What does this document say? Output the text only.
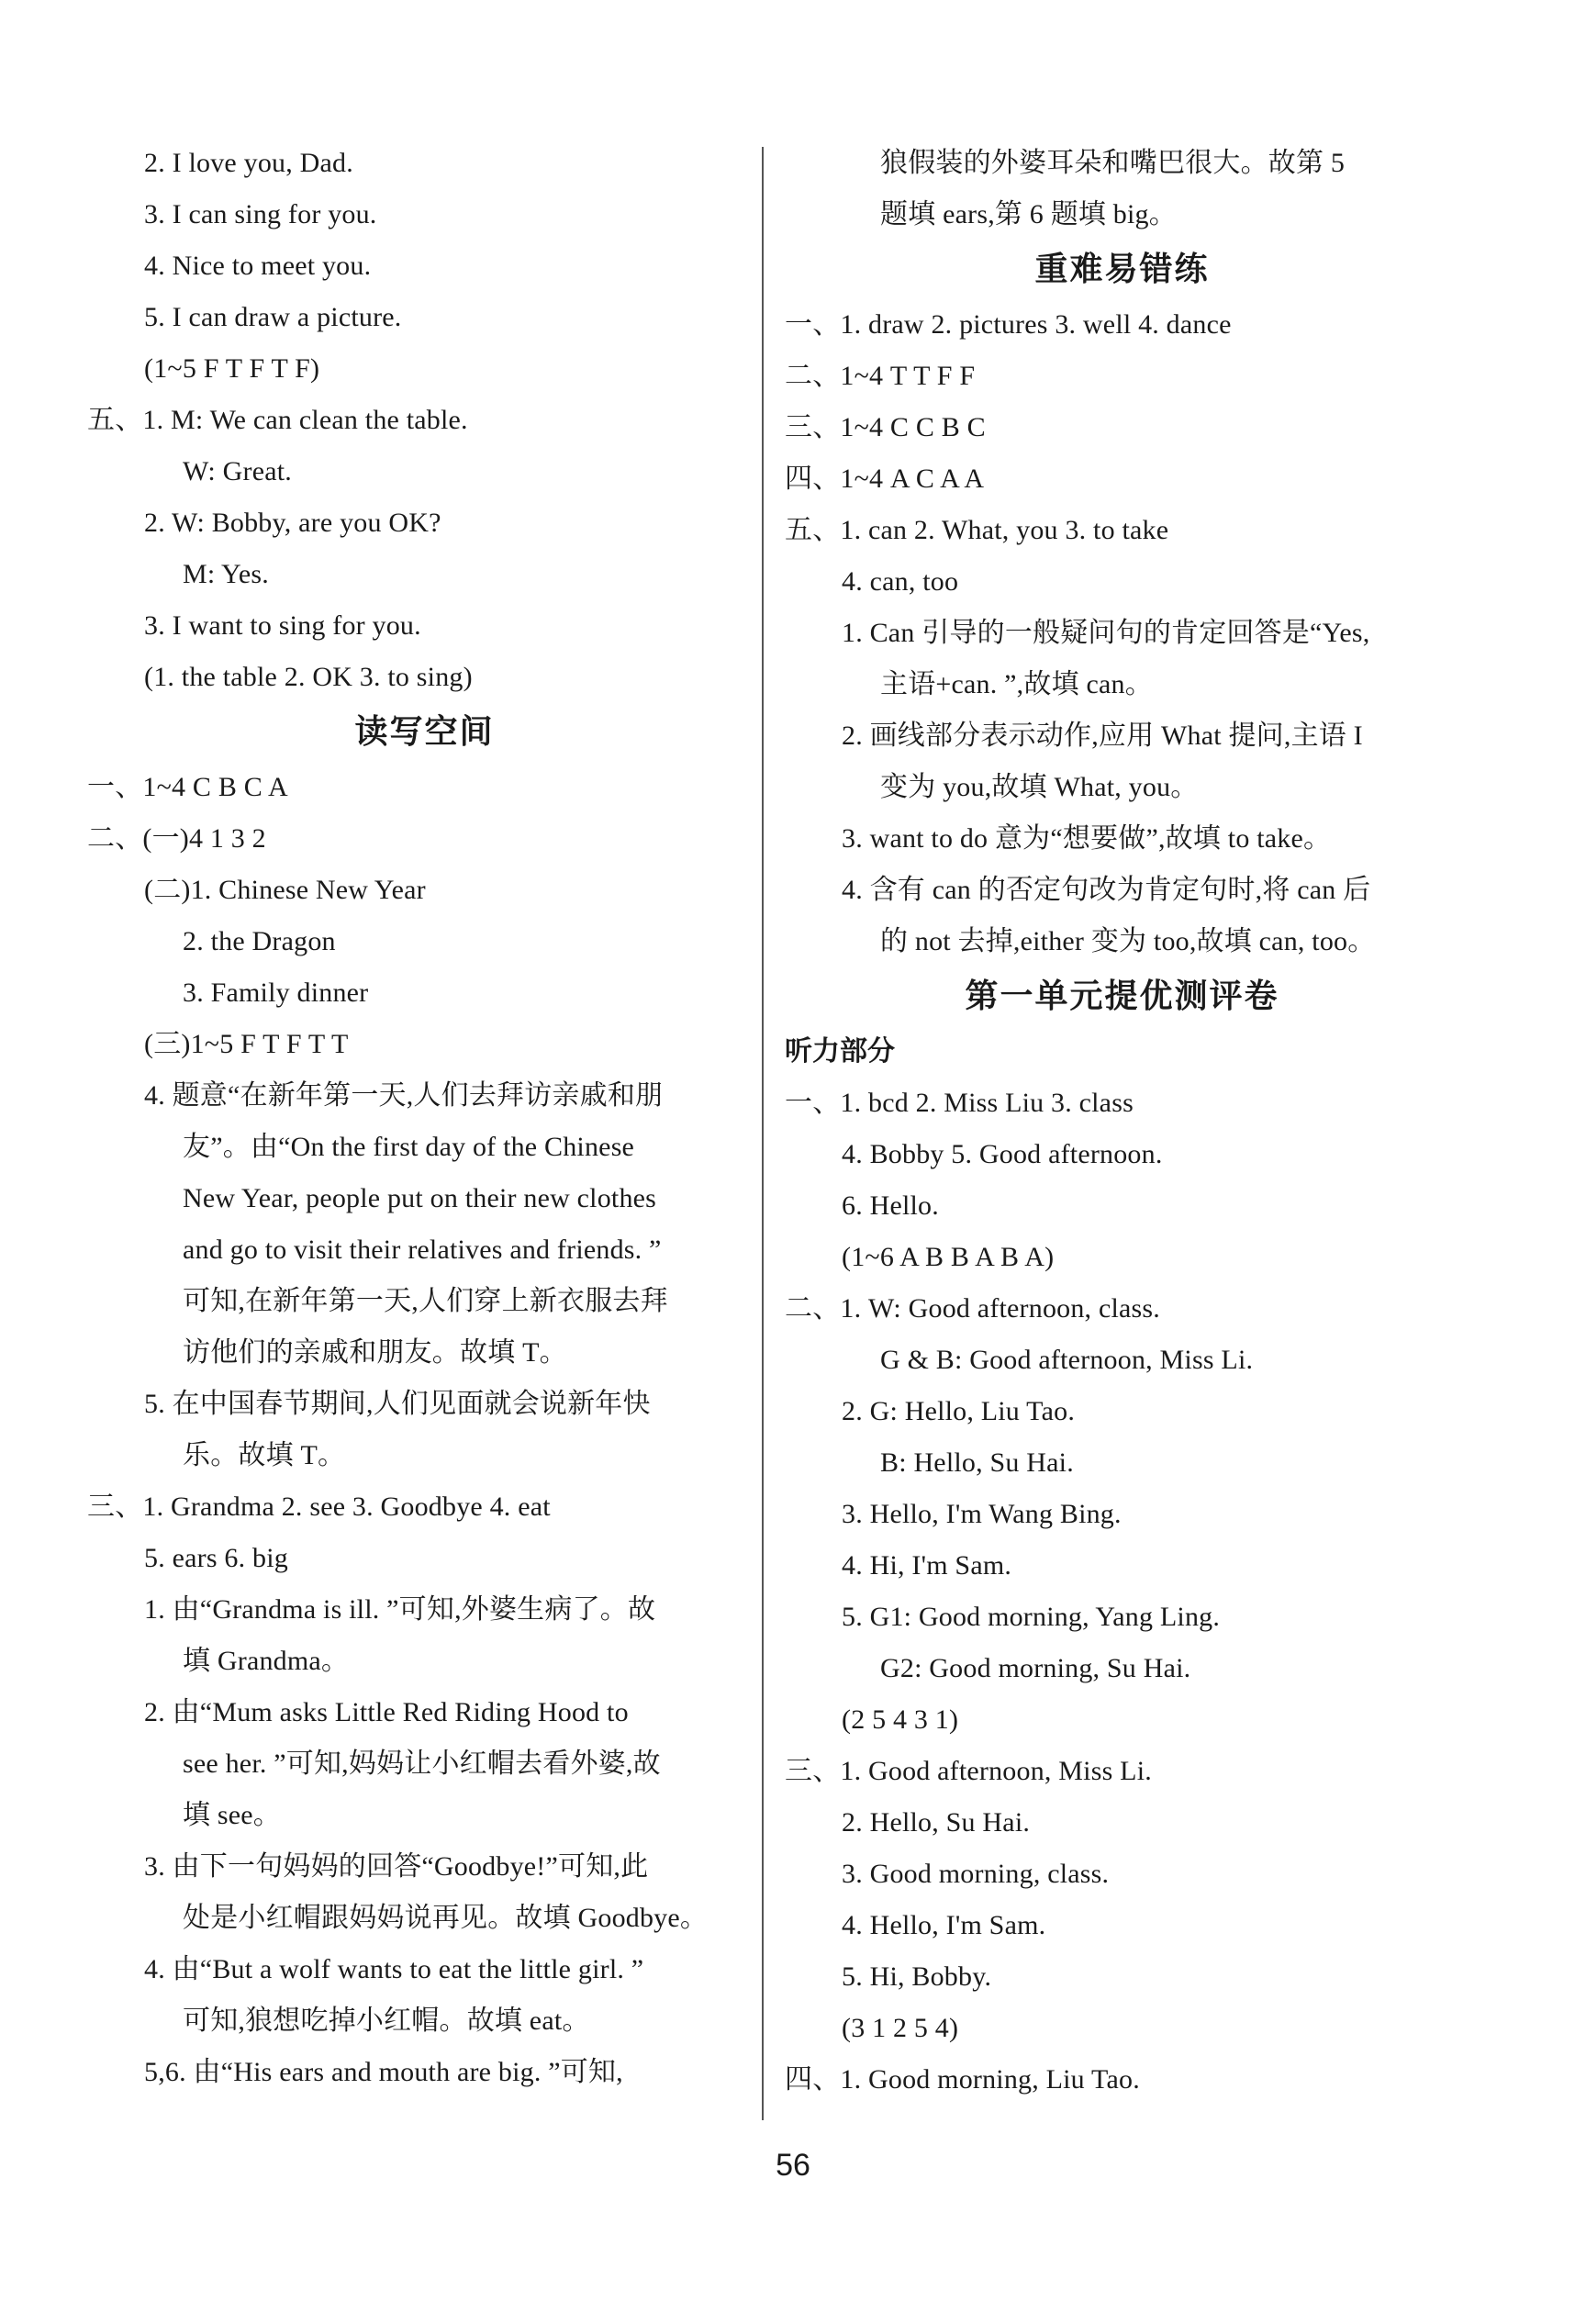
2. I love you, Dad.
3. I can sing for you.
4. Nice to meet you.
5. I can draw a picture.
(1~5 F T F T F)
五、1. M: We can clean the table.
W: Great.
2. W: Bobby, are you OK?
M: Yes.
3. I want to sing for you.
(1. the table 2. OK 3. to sing)
读写空间
一、1~4 C B C A
二、(一)4 1 3 2
(二)1. Chinese New Year
2. the Dragon
3. Family dinner
(三)1~5 F T F T T
4. 题意“在新年第一天,人们去拜访亲戚和朋
友”。由“On the first day of the Chinese
New Year, people put on their new clothes
and go to visit their relatives and friends. ”
可知,在新年第一天,人们穿上新衣服去拜
访他们的亲戚和朋友。故填 T。
5. 在中国春节期间,人们见面就会说新年快
乐。故填 T。
三、1. Grandma 2. see 3. Goodbye 4. eat
5. ears 6. big
1. 由“Grandma is ill. ”可知,外婆生病了。故
填 Grandma。
2. 由“Mum asks Little Red Riding Hood to
see her. ”可知,妈妈让小红帽去看外婆,故
填 see。
3. 由下一句妈妈的回答“Goodbye!”可知,此
处是小红帽跟妈妈说再见。故填 Goodbye。
4. 由“But a wolf wants to eat the little girl. ”
可知,狼想吃掉小红帽。故填 eat。
5,6. 由“His ears and mouth are big. ”可知,
狼假装的外婆耳朵和嘴巴很大。故第 5
题填 ears,第 6 题填 big。
重难易错练
一、1. draw 2. pictures 3. well 4. dance
二、1~4 T T F F
三、1~4 C C B C
四、1~4 A C A A
五、1. can 2. What, you 3. to take
4. can, too
1. Can 引导的一般疑问句的肯定回答是“Yes,
主语+can. ”,故填 can。
2. 画线部分表示动作,应用 What 提问,主语 I
变为 you,故填 What, you。
3. want to do 意为“想要做”,故填 to take。
4. 含有 can 的否定句改为肯定句时,将 can 后
的 not 去掉,either 变为 too,故填 can, too。
第一单元提优测评卷
听力部分
一、1. bcd 2. Miss Liu 3. class
4. Bobby 5. Good afternoon.
6. Hello.
(1~6 A B B A B A)
二、1. W: Good afternoon, class.
G & B: Good afternoon, Miss Li.
2. G: Hello, Liu Tao.
B: Hello, Su Hai.
3. Hello, I'm Wang Bing.
4. Hi, I'm Sam.
5. G1: Good morning, Yang Ling.
G2: Good morning, Su Hai.
(2 5 4 3 1)
三、1. Good afternoon, Miss Li.
2. Hello, Su Hai.
3. Good morning, class.
4. Hello, I'm Sam.
5. Hi, Bobby.
(3 1 2 5 4)
四、1. Good morning, Liu Tao.
56
